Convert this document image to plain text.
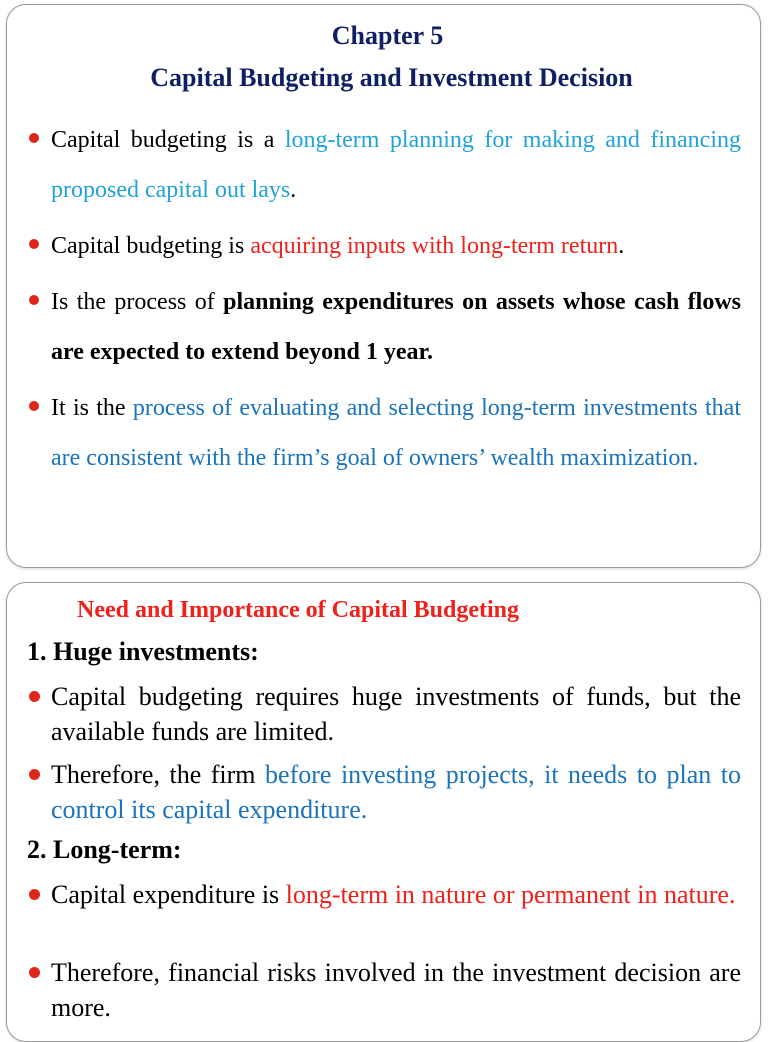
Chapter 5
Capital Budgeting and Investment Decision
Capital budgeting is a long-term planning for making and financing proposed capital out lays.
Capital budgeting is acquiring inputs with long-term return.
Is the process of planning expenditures on assets whose cash flows are expected to extend beyond 1 year.
It is the process of evaluating and selecting long-term investments that are consistent with the firm’s goal of owners’ wealth maximization.
Need and Importance of Capital Budgeting
1. Huge investments:
Capital budgeting requires huge investments of funds, but the available funds are limited.
Therefore, the firm before investing projects, it needs to plan to control its capital expenditure.
2. Long-term:
Capital expenditure is long-term in nature or permanent in nature.
Therefore, financial risks involved in the investment decision are more.
